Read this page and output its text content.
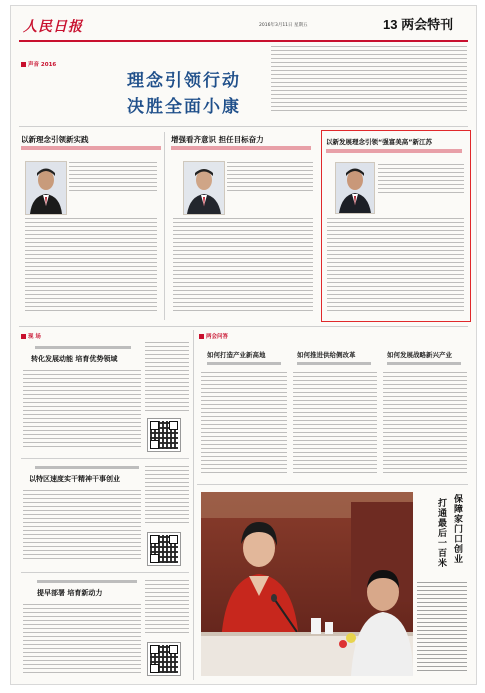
人民日报	2016年3月11日 星期五	13 两会特刊
声音 2016
理念引领行动
决胜全面小康
以新理念引领新实践	增强看齐意识 担任目标奋力	以新发展理念引领“强富美高”新江苏
现 场
转化发展动能 培育优势领域
以特区速度实干精神干事创业
提早部署 培育新动力
两会问答
如何打造产业新高地	如何推进供给侧改革	如何发展战略新兴产业
保障家门口创业
打通最后一百米
